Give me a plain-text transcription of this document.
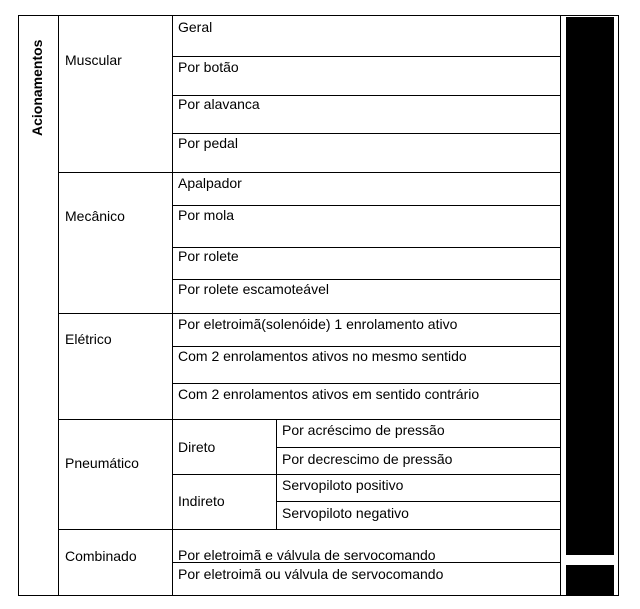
Acionamentos Muscular
Geral
Por botão
Por alavanca
Por pedal
Mecânico
Apalpador
Por mola
Por rolete
Por rolete escamoteável
Elétrico
Por eletroimã(solenóide) 1 enrolamento ativo
Com 2 enrolamentos ativos no mesmo sentido
Com 2 enrolamentos ativos em sentido contrário
Pneumático
Direto
Por acréscimo de pressão
Por decrescimo de pressão
Indireto
Servopiloto positivo
Servopiloto negativo
Combinado	Por eletroimã e válvula de servocomando
Por eletroimã ou válvula de servocomando
